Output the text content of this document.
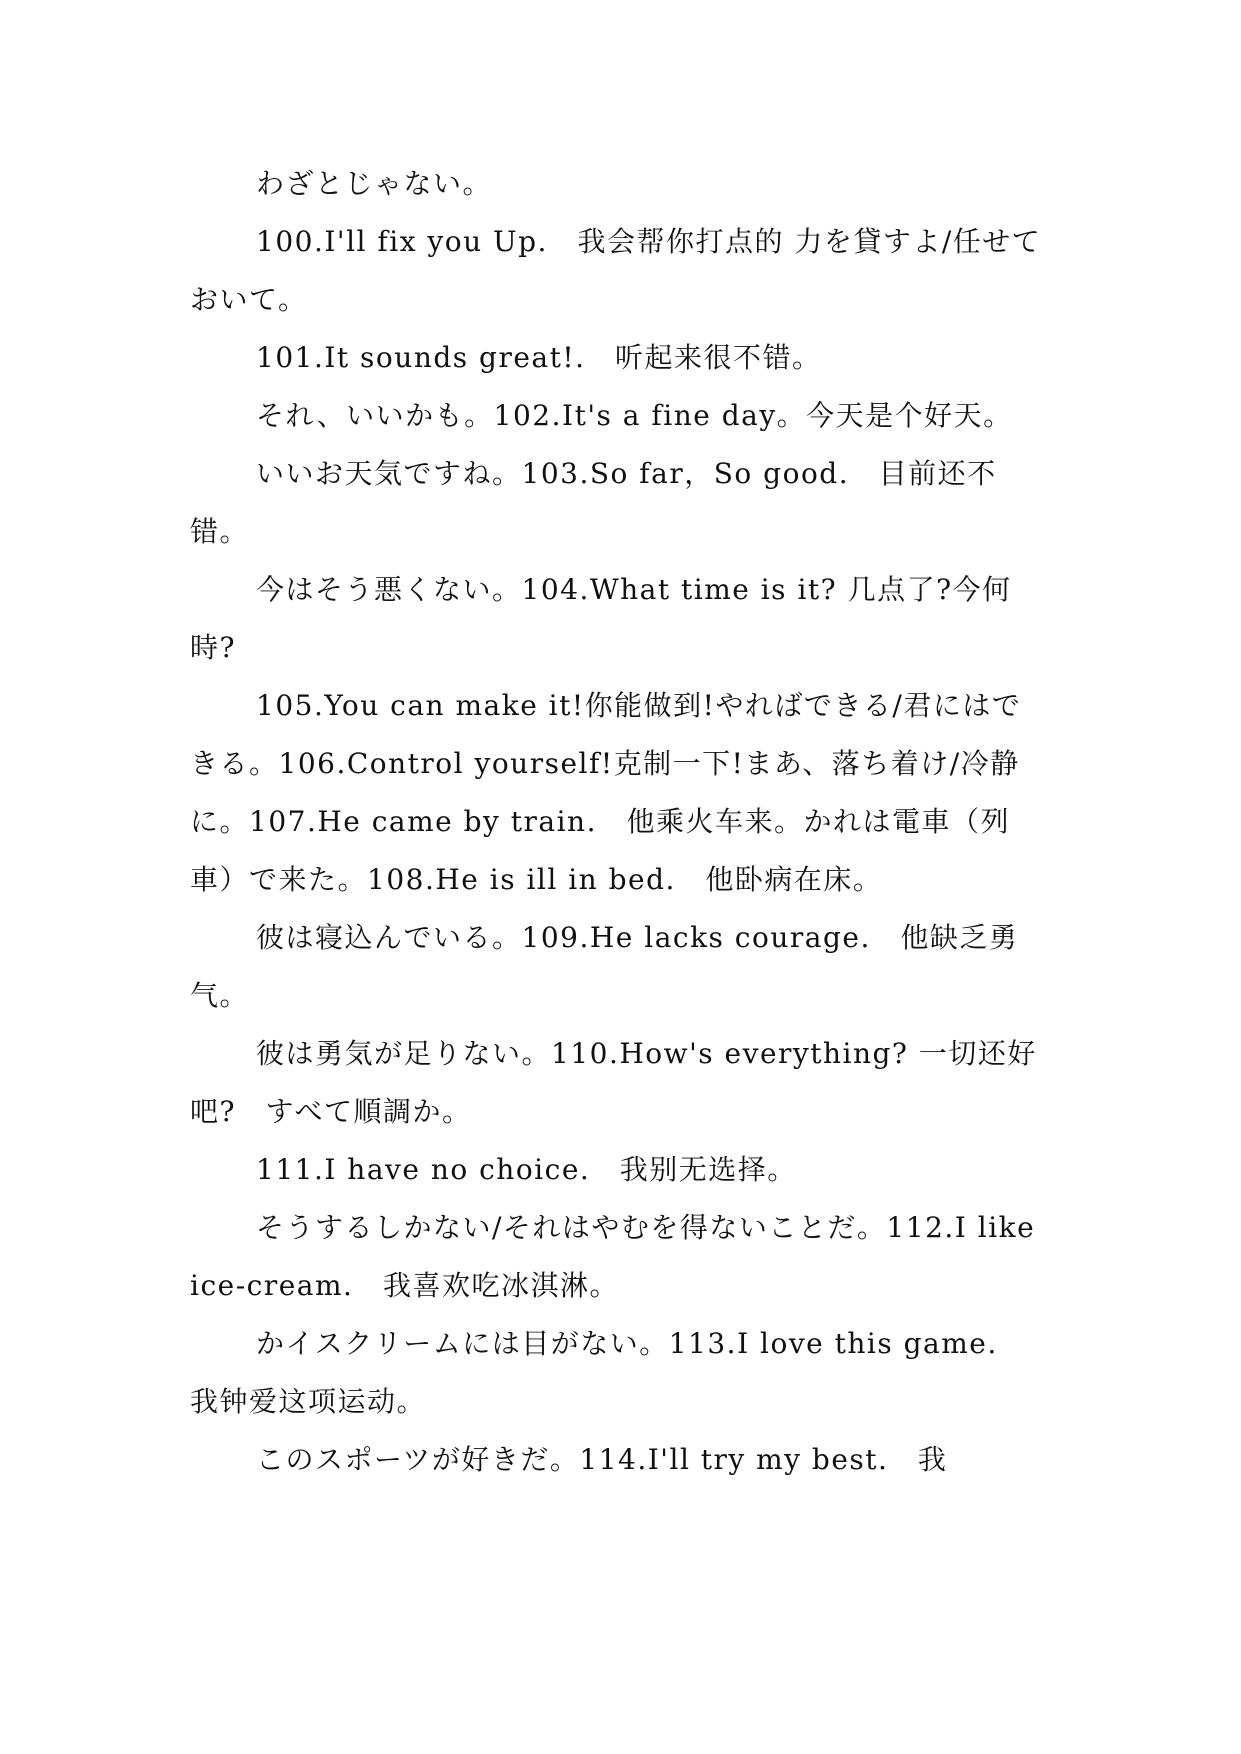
わざとじゃない。

100.I'll fix you Up.　我会帮你打点的 力を貸すよ/任せておいて。

101.It sounds great!.　听起来很不错。

それ、いいかも。102.It's a fine day。今天是个好天。

いいお天気ですね。103.So far，So good.　目前还不错。

今はそう悪くない。104.What time is it? 几点了?今何時?

105.You can make it!你能做到!やればできる/君にはできる。106.Control yourself!克制一下!まあ、落ち着け/冷静に。107.He came by train.　他乘火车来。かれは電車（列車）で来た。108.He is ill in bed.　他卧病在床。

彼は寝込んでいる。109.He lacks courage.　他缺乏勇气。

彼は勇気が足りない。110.How's everything? 一切还好吧?　すべて順調か。

111.I have no choice.　我别无选择。

そうするしかない/それはやむを得ないことだ。112.I like ice-cream.　我喜欢吃冰淇淋。

かイスクリームには目がない。113.I love this game.　我钟爱这项运动。

このスポーツが好きだ。114.I'll try my best.　我
